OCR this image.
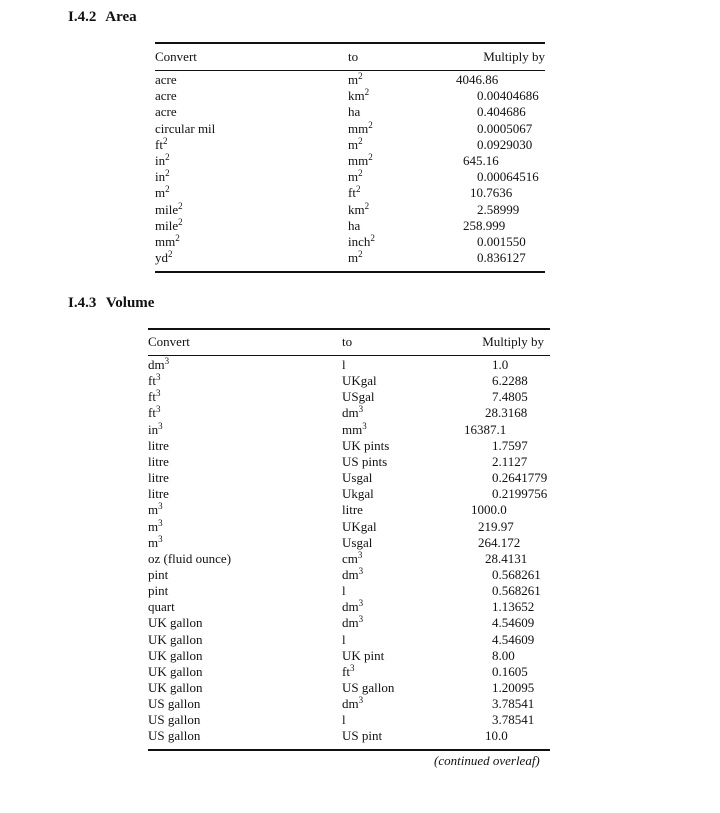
I.4.2 Area
Convert	to	Multiply by
acre	$m^2$	4046.86
acre	$km^2$	0.00404686
acre	ha	0.404686
circular mil	$mm^2$	0.0005067
$ft^2$	$m^2$	0.0929030
$in^2$	$mm^2$	645.16
$in^2$	$m^2$	0.00064516
$m^2$	$ft^2$	10.7636
mile$^2$	$km^2$	2.58999
mile$^2$	ha	258.999
$mm^2$	inch$^2$	0.001550
$yd^2$	$m^2$	0.836127
I.4.3 Volume
Convert	to	Multiply by
$dm^3$	l	1.0
$ft^3$	UKgal	6.2288
$ft^3$	USgal	7.4805
$ft^3$	$dm^3$	28.3168
$in^3$	$mm^3$	16387.1
litre	UK pints	1.7597
litre	US pints	2.1127
litre	Usgal	0.2641779
litre	Ukgal	0.2199756
$m^3$	litre	1000.0
$m^3$	UKgal	219.97
$m^3$	Usgal	264.172
oz (fluid ounce)	$cm^3$	28.4131
pint	$dm^3$	0.568261
pint	l	0.568261
quart	$dm^3$	1.13652
UK gallon	$dm^3$	4.54609
UK gallon	l	4.54609
UK gallon	UK pint	8.00
UK gallon	$ft^3$	0.1605
UK gallon	US gallon	1.20095
US gallon	$dm^3$	3.78541
US gallon	l	3.78541
US gallon	US pint	10.0
(continued overleaf)
